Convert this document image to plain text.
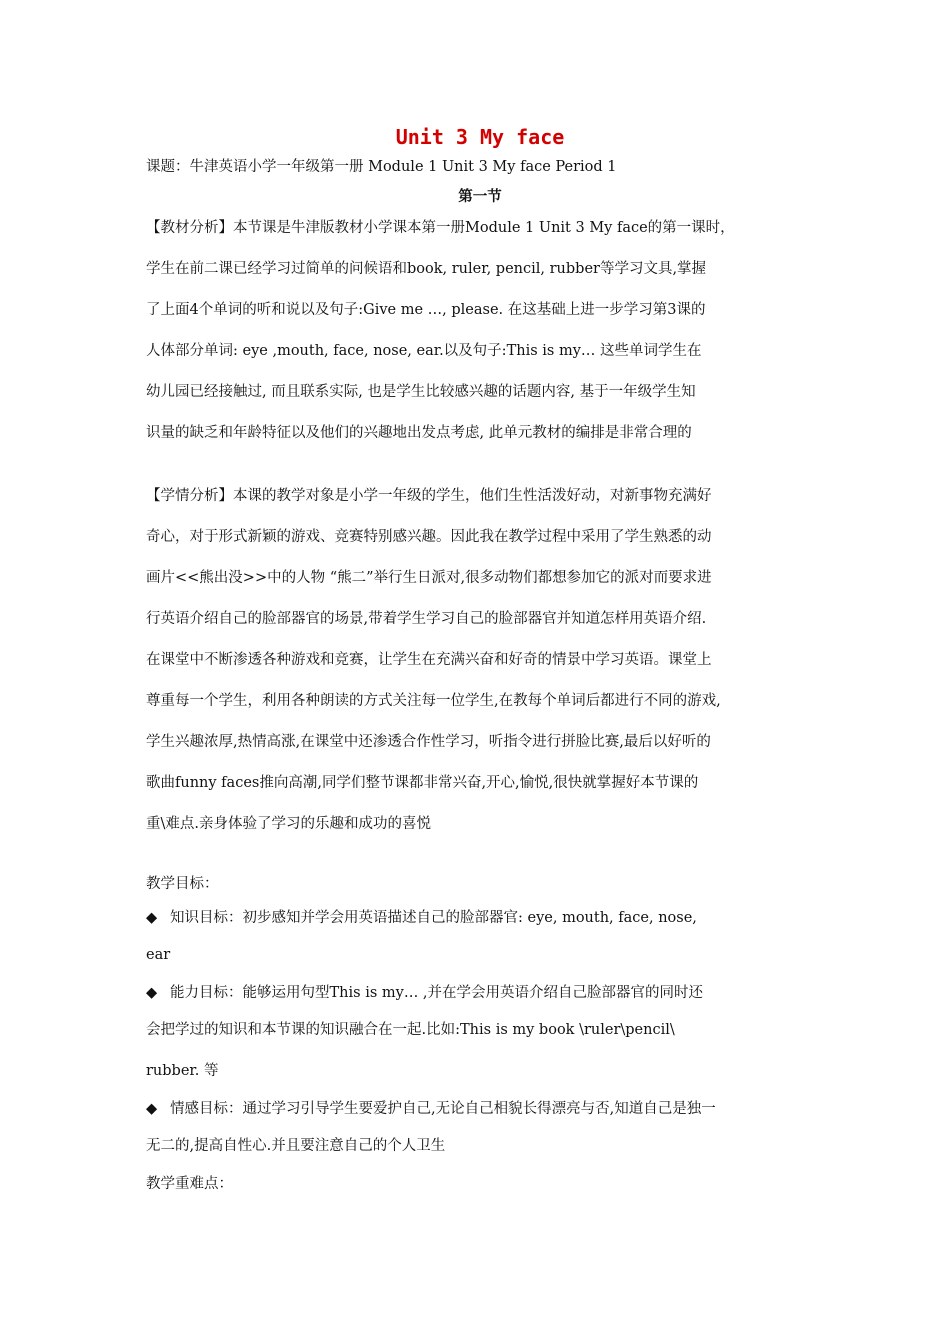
Unit 3 My face

课题：牛津英语小学一年级第一册 Module 1 Unit 3 My face Period 1

第一节

【教材分析】本节课是牛津版教材小学课本第一册Module 1 Unit 3 My face的第一课时，

学生在前二课已经学习过简单的问候语和book, ruler, pencil, rubber等学习文具,掌握

了上面4个单词的听和说以及句子:Give me …, please. 在这基础上进一步学习第3课的

人体部分单词: eye ,mouth, face, nose, ear.以及句子:This is my… 这些单词学生在

幼儿园已经接触过, 而且联系实际, 也是学生比较感兴趣的话题内容, 基于一年级学生知

识量的缺乏和年龄特征以及他们的兴趣地出发点考虑, 此单元教材的编排是非常合理的

【学情分析】本课的教学对象是小学一年级的学生，他们生性活泼好动，对新事物充满好

奇心，对于形式新颖的游戏、竞赛特别感兴趣。因此我在教学过程中采用了学生熟悉的动

画片<<熊出没>>中的人物 “熊二”举行生日派对,很多动物们都想参加它的派对而要求进

行英语介绍自己的脸部器官的场景,带着学生学习自己的脸部器官并知道怎样用英语介绍.

在课堂中不断渗透各种游戏和竞赛，让学生在充满兴奋和好奇的情景中学习英语。课堂上

尊重每一个学生，利用各种朗读的方式关注每一位学生,在教每个单词后都进行不同的游戏,

学生兴趣浓厚,热情高涨,在课堂中还渗透合作性学习，听指令进行拼脸比赛,最后以好听的

歌曲funny faces推向高潮,同学们整节课都非常兴奋,开心,愉悦,很快就掌握好本节课的

重\难点.亲身体验了学习的乐趣和成功的喜悦

教学目标：

◆ 知识目标：初步感知并学会用英语描述自己的脸部器官: eye, mouth, face, nose,

ear

◆ 能力目标：能够运用句型This is my… ,并在学会用英语介绍自己脸部器官的同时还

会把学过的知识和本节课的知识融合在一起.比如:This is my book \ruler\pencil\

rubber. 等

◆ 情感目标：通过学习引导学生要爱护自己,无论自己相貌长得漂亮与否,知道自己是独一

无二的,提高自性心.并且要注意自己的个人卫生

教学重难点：
